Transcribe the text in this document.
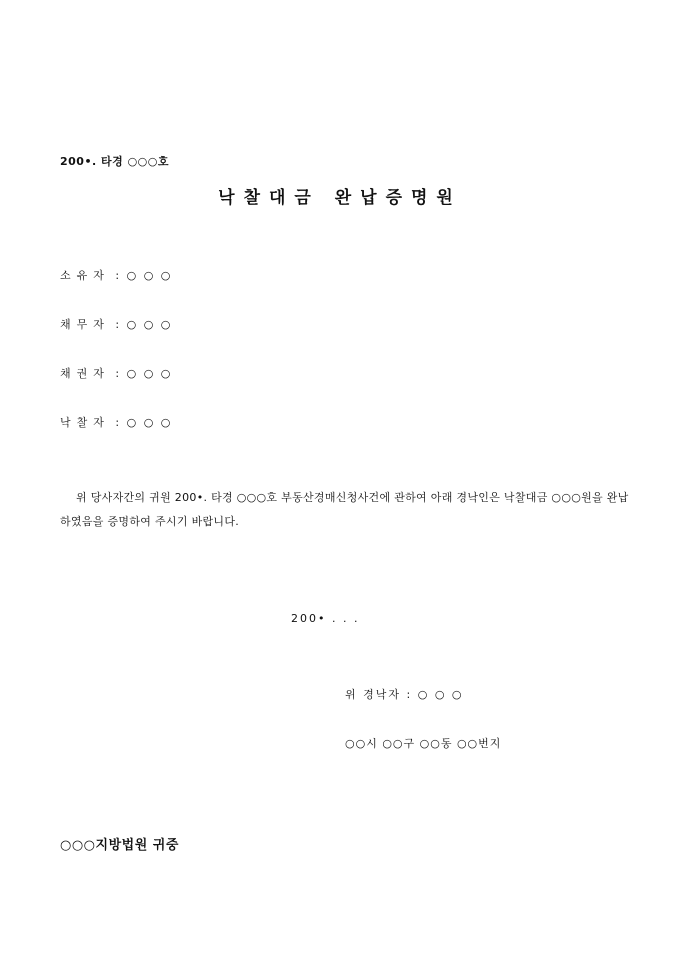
200•. 타경 ○○○호
낙찰대금 완납증명원
소유자 : ○ ○ ○
채무자 : ○ ○ ○
채권자 : ○ ○ ○
낙찰자 : ○ ○ ○
위 당사자간의 귀원 200•. 타경 ○○○호 부동산경매신청사건에 관하여 아래 경낙인은 낙찰대금 ○○○원을 완납하였음을 증명하여 주시기 바랍니다.
200• . . .
위 경낙자 : ○ ○ ○
○○시 ○○구 ○○동 ○○번지
○○○지방법원 귀중
